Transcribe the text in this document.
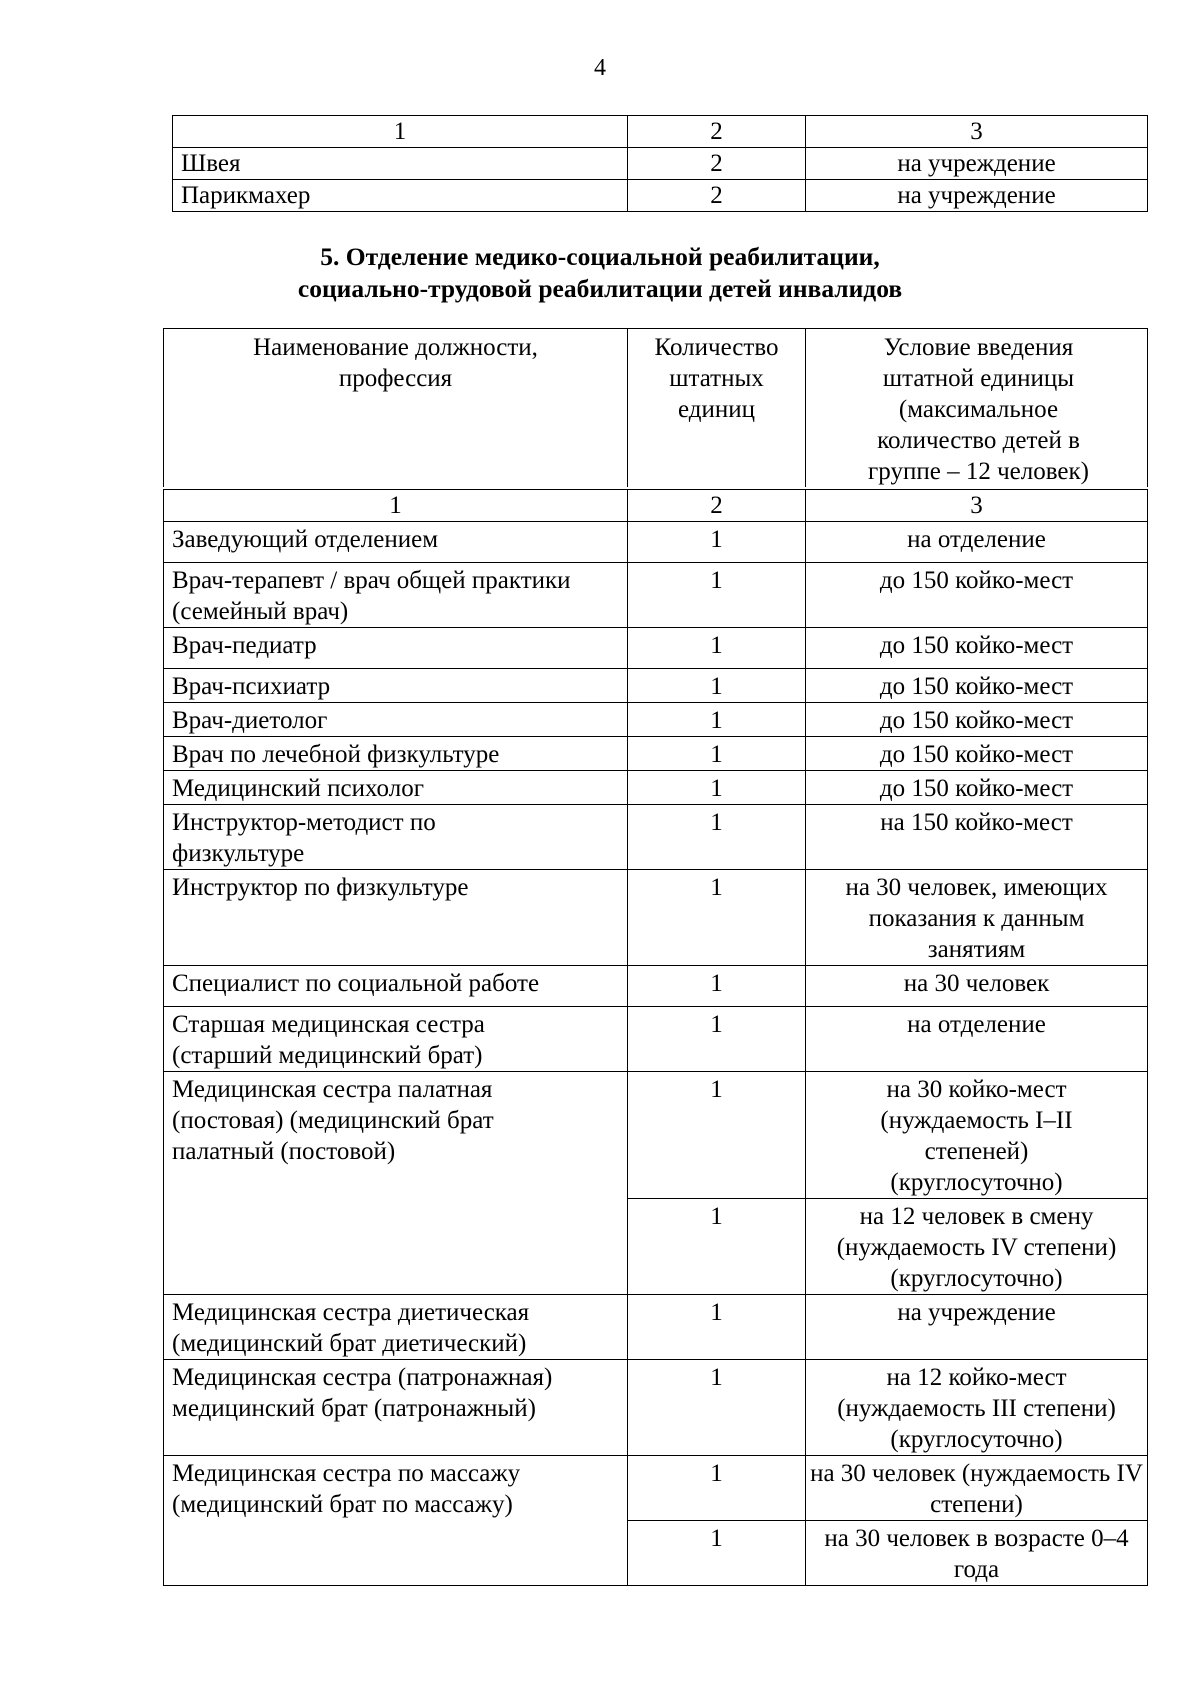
4
1	2	3
Швея	2	на учреждение
Парикмахер	2	на учреждение
5. Отделение медико-социальной реабилитации,
социально-трудовой реабилитации детей инвалидов
Наименование должности, профессия	Количество штатных единиц	Условие введения штатной единицы (максимальное количество детей в группе – 12 человек)
1	2	3
Заведующий отделением	1	на отделение
Врач-терапевт / врач общей практики (семейный врач)	1	до 150 койко-мест
Врач-педиатр	1	до 150 койко-мест
Врач-психиатр	1	до 150 койко-мест
Врач-диетолог	1	до 150 койко-мест
Врач по лечебной физкультуре	1	до 150 койко-мест
Медицинский психолог	1	до 150 койко-мест
Инструктор-методист по физкультуре	1	на 150 койко-мест
Инструктор по физкультуре	1	на 30 человек, имеющих показания к данным занятиям
Специалист по социальной работе	1	на 30 человек
Старшая медицинская сестра (старший медицинский брат)	1	на отделение
Медицинская сестра палатная (постовая) (медицинский брат палатный (постовой)	1	на 30 койко-мест (нуждаемость I–II степеней) (круглосуточно)
	1	на 12 человек в смену (нуждаемость IV степени) (круглосуточно)
Медицинская сестра диетическая (медицинский брат диетический)	1	на учреждение
Медицинская сестра (патронажная) медицинский брат (патронажный)	1	на 12 койко-мест (нуждаемость III степени) (круглосуточно)
Медицинская сестра по массажу (медицинский брат по массажу)	1	на 30 человек (нуждаемость IV степени)
	1	на 30 человек в возрасте 0–4 года
